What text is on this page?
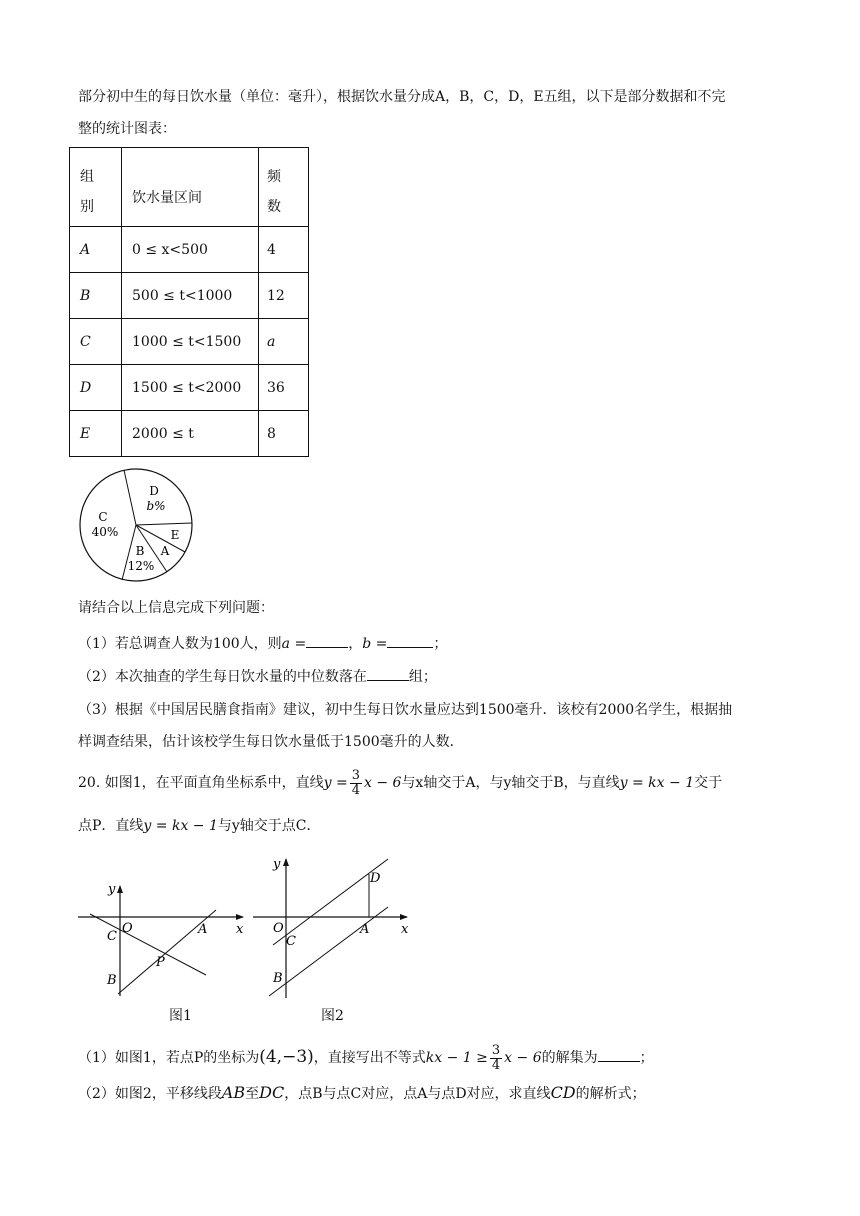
部分初中生的每日饮水量（单位：毫升），根据饮水量分成A，B，C，D，E五组，以下是部分数据和不完
整的统计图表：
组
别	饮水量区间	频
数

A	0 ≤ x<500	4
B	500 ≤ t<1000	12
C	1000 ≤ t<1500	a
D	1500 ≤ t<2000	36
E	2000 ≤ t	8
D
b%
C
40%	E
A
B
12%
请结合以上信息完成下列问题：
（1）若总调查人数为100人，则a =	，b =	；
（2）本次抽查的学生每日饮水量的中位数落在	组；
（3）根据《中国居民膳食指南》建议，初中生每日饮水量应达到1500毫升．该校有2000名学生，根据抽
样调查结果，估计该校学生每日饮水量低于1500毫升的人数．
20. 如图1，在平面直角坐标系中，直线$y = \frac{3}{4}$ x − 6与x轴交于A，与y轴交于B，与直线y = kx − 1交于
点P．直线y = kx − 1与y轴交于点C．
y
x
O
C	A
P
B
图1
y
x
O
C
A
D
B
图2
（1）如图1，若点P的坐标为(4,−3)，直接写出不等式kx − $1 \ge \frac{3}{4}$ x − 6的解集为	；
（2）如图2，平移线段AB至DC，点B与点C对应，点A与点D对应，求直线CD的解析式；
